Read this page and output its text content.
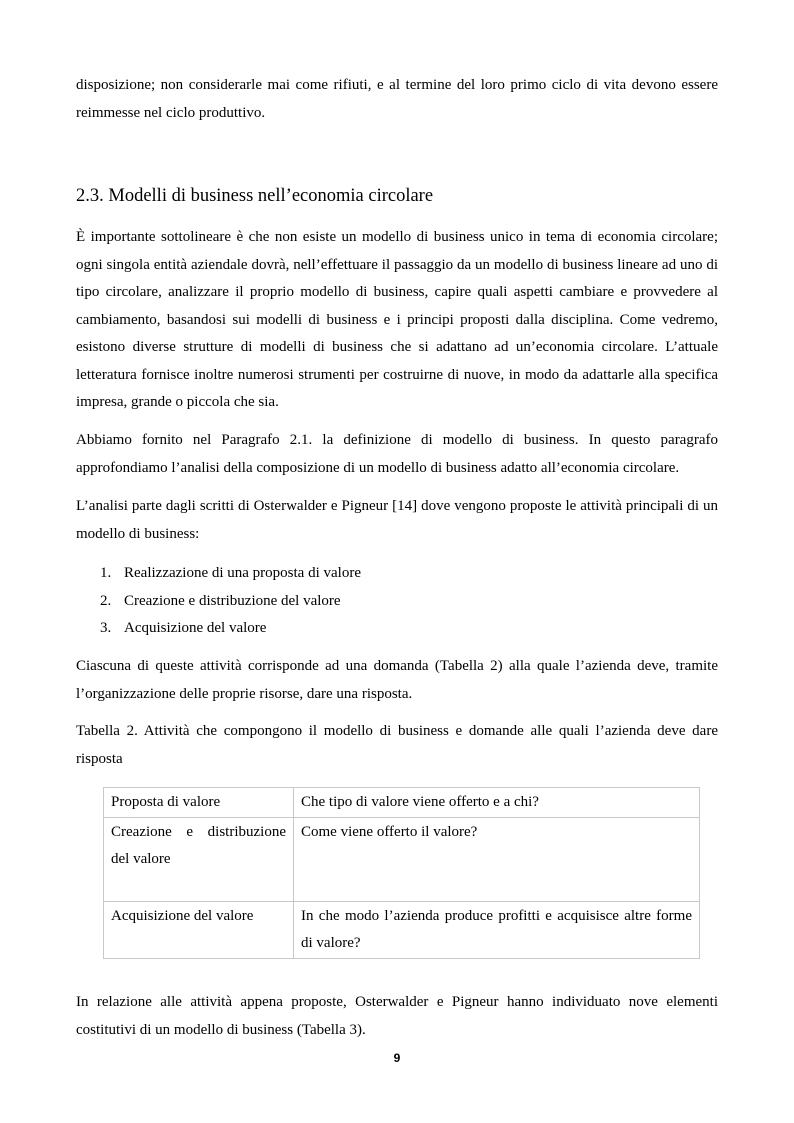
disposizione; non considerarle mai come rifiuti, e al termine del loro primo ciclo di vita devono essere reimmesse nel ciclo produttivo.

2.3. Modelli di business nell’economia circolare

È importante sottolineare è che non esiste un modello di business unico in tema di economia circolare; ogni singola entità aziendale dovrà, nell’effettuare il passaggio da un modello di business lineare ad uno di tipo circolare, analizzare il proprio modello di business, capire quali aspetti cambiare e provvedere al cambiamento, basandosi sui modelli di business e i principi proposti dalla disciplina. Come vedremo, esistono diverse strutture di modelli di business che si adattano ad un’economia circolare. L’attuale letteratura fornisce inoltre numerosi strumenti per costruirne di nuove, in modo da adattarle alla specifica impresa, grande o piccola che sia.

Abbiamo fornito nel Paragrafo 2.1. la definizione di modello di business. In questo paragrafo approfondiamo l’analisi della composizione di un modello di business adatto all’economia circolare.

L’analisi parte dagli scritti di Osterwalder e Pigneur [14] dove vengono proposte le attività principali di un modello di business:

1. Realizzazione di una proposta di valore
2. Creazione e distribuzione del valore
3. Acquisizione del valore

Ciascuna di queste attività corrisponde ad una domanda (Tabella 2) alla quale l’azienda deve, tramite l’organizzazione delle proprie risorse, dare una risposta.

Tabella 2. Attività che compongono il modello di business e domande alle quali l’azienda deve dare risposta

Proposta di valore	Che tipo di valore viene offerto e a chi?
Creazione e distribuzione del valore	Come viene offerto il valore?
Acquisizione del valore	In che modo l’azienda produce profitti e acquisisce altre forme di valore?

In relazione alle attività appena proposte, Osterwalder e Pigneur hanno individuato nove elementi costitutivi di un modello di business (Tabella 3).

9
